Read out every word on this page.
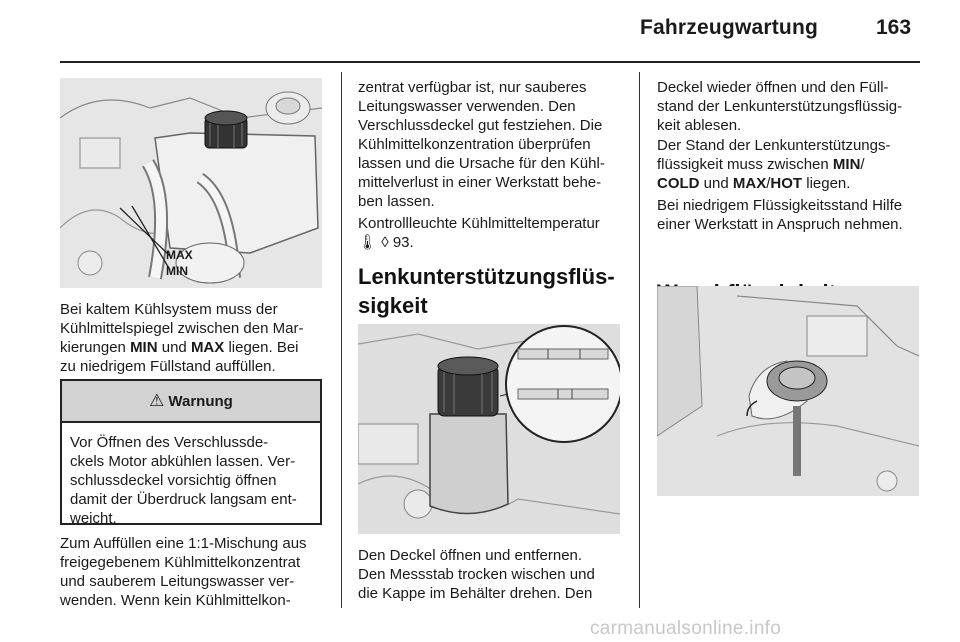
Fahrzeugwartung	163
MAX
MIN
Bei kaltem Kühlsystem muss der
Kühlmittelspiegel zwischen den Mar-
kierungen MIN und MAX liegen. Bei
zu niedrigem Füllstand auffüllen.
⚠ Warnung
Vor Öffnen des Verschlussde-
ckels Motor abkühlen lassen. Ver-
schlussdeckel vorsichtig öffnen
damit der Überdruck langsam ent-
weicht.
Zum Auffüllen eine 1:1-Mischung aus
freigegebenem Kühlmittelkonzentrat
und sauberem Leitungswasser ver-
wenden. Wenn kein Kühlmittelkon-
zentrat verfügbar ist, nur sauberes
Leitungswasser verwenden. Den
Verschlussdeckel gut festziehen. Die
Kühlmittelkonzentration überprüfen
lassen und die Ursache für den Kühl-
mittelverlust in einer Werkstatt behe-
ben lassen.
Kontrollleuchte Kühlmitteltemperatur
🌡 ◊ 93.
Lenkunterstützungsflüs-
sigkeit
Den Deckel öffnen und entfernen.
Den Messstab trocken wischen und
die Kappe im Behälter drehen. Den
Deckel wieder öffnen und den Füll-
stand der Lenkunterstützungsflüssig-
keit ablesen.
Der Stand der Lenkunterstützungs-
flüssigkeit muss zwischen MIN/
COLD und MAX/HOT liegen.
Bei niedrigem Flüssigkeitsstand Hilfe
einer Werkstatt in Anspruch nehmen.
carmanualsonline.info
